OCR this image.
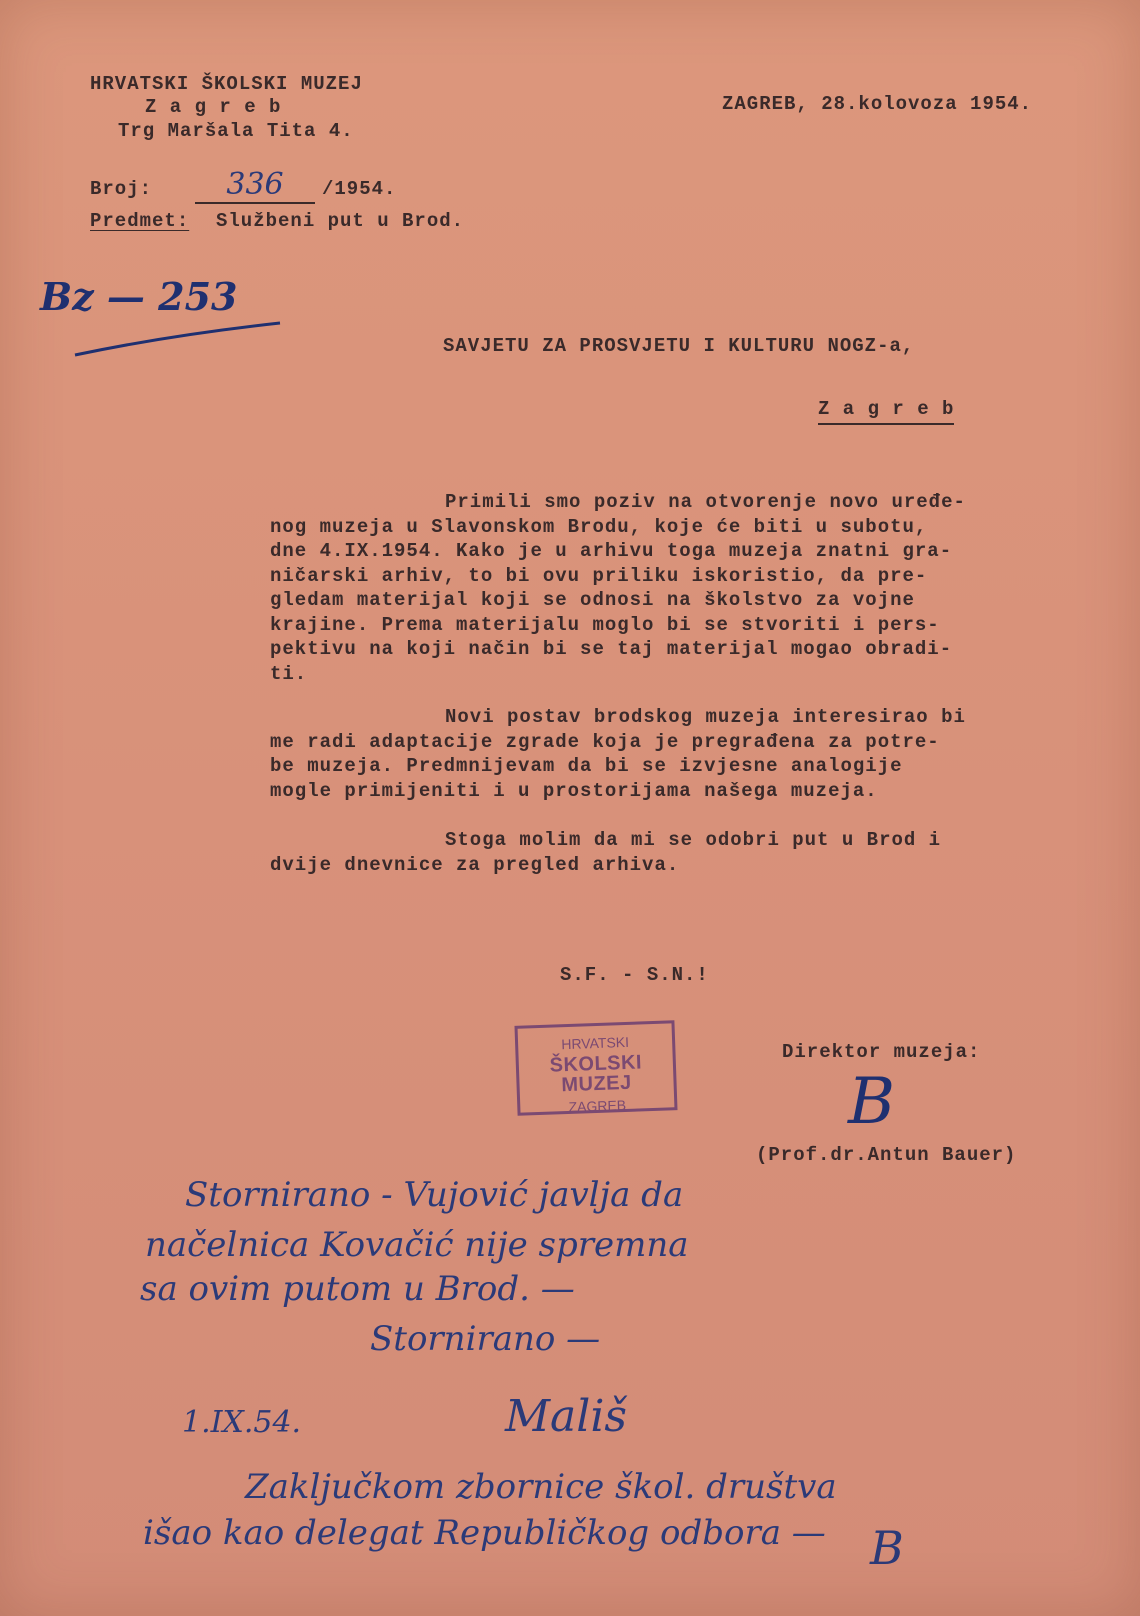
HRVATSKI ŠKOLSKI MUZEJ
Z a g r e b
Trg Maršala Tita 4.
ZAGREB, 28.kolovoza 1954.
Broj:	336	/1954.
Predmet: Službeni put u Brod.
Bz — 253
SAVJETU ZA PROSVJETU I KULTURU NOGZ-a,
Z a g r e b
Primili smo poziv na otvorenje novo uređe-
nog muzeja u Slavonskom Brodu, koje će biti u subotu,
dne 4.IX.1954. Kako je u arhivu toga muzeja znatni gra-
ničarski arhiv, to bi ovu priliku iskoristio, da pre-
gledam materijal koji se odnosi na školstvo za vojne
krajine. Prema materijalu moglo bi se stvoriti i pers-
pektivu na koji način bi se taj materijal mogao obradi-
ti.
Novi postav brodskog muzeja interesirao bi
me radi adaptacije zgrade koja je pregrađena za potre-
be muzeja. Predmnijevam da bi se izvjesne analogije
mogle primijeniti i u prostorijama našega muzeja.
Stoga molim da mi se odobri put u Brod i
dvije dnevnice za pregled arhiva.
S.F. - S.N.!
HRVATSKI
ŠKOLSKI MUZEJ
ZAGREB
Direktor muzeja:
B
(Prof.dr.Antun Bauer)
Stornirano - Vujović javlja da
načelnica Kovačić nije spremna
sa ovim putom u Brod. —
Stornirano —
1.IX.54.	Mališ
Zaključkom zbornice škol. društva
išao kao delegat Republičkog odbora — B
